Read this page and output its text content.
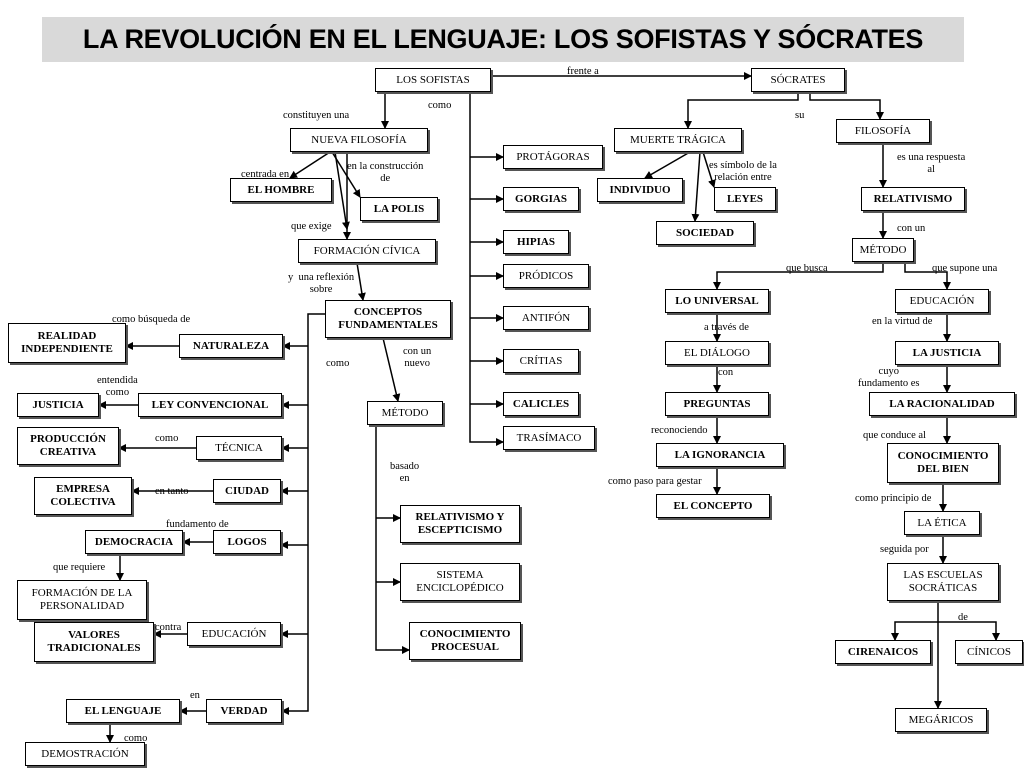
LA REVOLUCIÓN EN EL LENGUAJE: LOS SOFISTAS Y SÓCRATES
LOS SOFISTAS	SÓCRATES
NUEVA FILOSOFÍA
EL HOMBRE
LA POLIS
FORMACIÓN CÍVICA
CONCEPTOS
FUNDAMENTALES
MÉTODO
RELATIVISMO Y
ESCEPTICISMO
SISTEMA
ENCICLOPÉDICO
CONOCIMIENTO
PROCESUAL
REALIDAD
INDEPENDIENTE	NATURALEZA
JUSTICIA	LEY CONVENCIONAL
PRODUCCIÓN
CREATIVA	TÉCNICA
EMPRESA
COLECTIVA
CIUDAD
DEMOCRACIA	LOGOS
FORMACIÓN DE LA
PERSONALIDAD
VALORES
TRADICIONALES
EDUCACIÓN
EL LENGUAJE	VERDAD
DEMOSTRACIÓN
PROTÁGORAS
GORGIAS
HIPIAS
PRÓDICOS
ANTIFÓN
CRÍTIAS
CALICLES
TRASÍMACO
MUERTE TRÁGICA
INDIVIDUO
LEYES
SOCIEDAD
FILOSOFÍA
RELATIVISMO
MÉTODO
LO UNIVERSAL
EL DIÁLOGO
PREGUNTAS
LA IGNORANCIA
EL CONCEPTO
EDUCACIÓN
LA JUSTICIA
LA RACIONALIDAD
CONOCIMIENTO
DEL BIEN
LA ÉTICA
LAS ESCUELAS
SOCRÁTICAS
CIRENAICOS	CÍNICOS
MEGÁRICOS
frente a
como
constituyen una	su
centrada en
en la construcción
de
que exige
y  una reflexión
sobre
como búsqueda de
como
con un
nuevo
entendida
como
como
en tanto
fundamento de
que requiere
contra
en
como
basado
en
es símbolo de la
relación entre
es una respuesta
al
con un
que busca	que supone una
a través de
en la virtud de
con	cuyo
fundamento es
reconociendo	que conduce al
como paso para gestar
como principio de
seguida por
de
